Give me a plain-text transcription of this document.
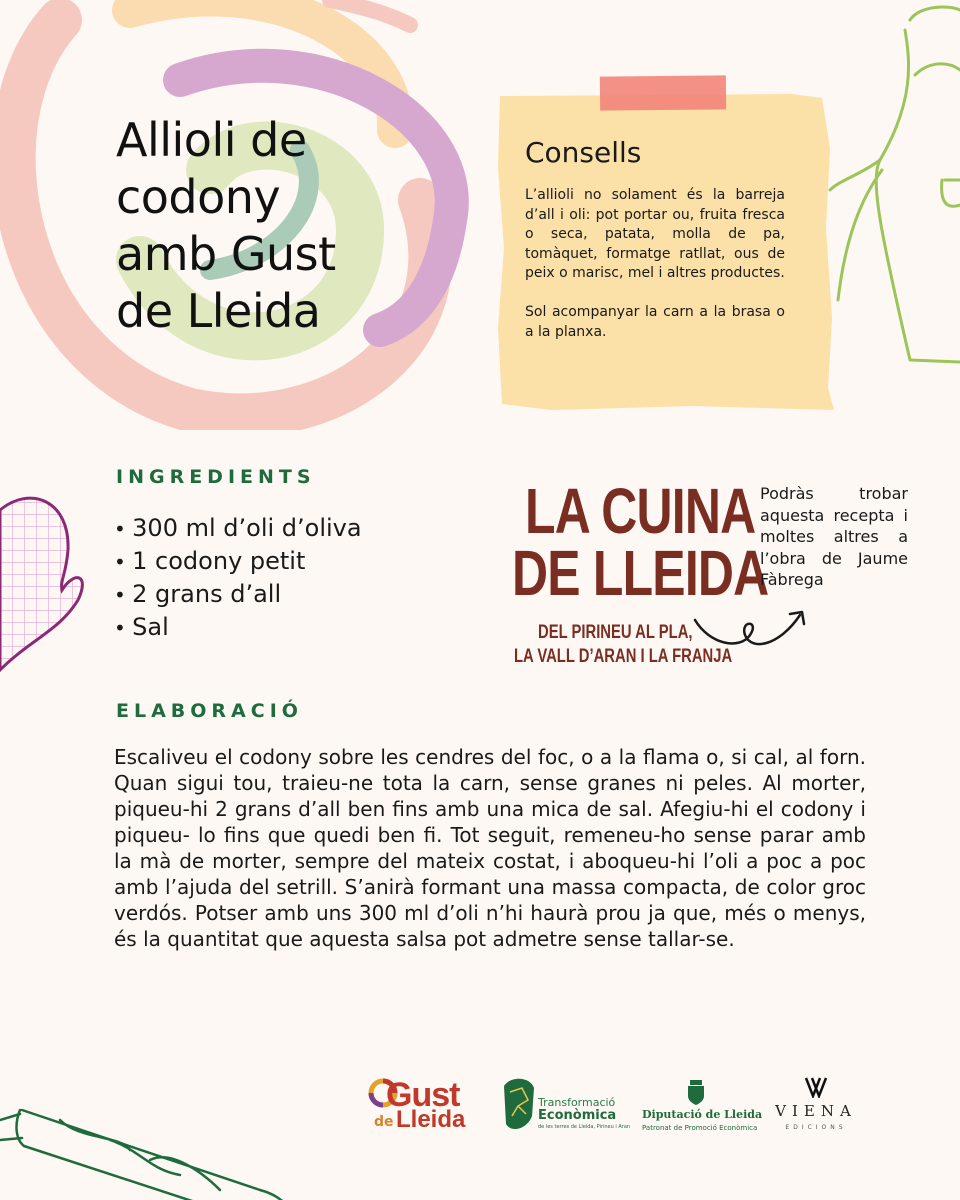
Allioli de
codony
amb Gust
de Lleida
Consells

L’allioli no solament és la barreja d’all i oli: pot portar ou, fruita fresca o seca, patata, molla de pa, tomàquet, formatge ratllat, ous de peix o marisc, mel i altres productes.

Sol acompanyar la carn a la brasa o a la planxa.

INGREDIENTS
• 300 ml d’oli d’oliva
• 1 codony petit
• 2 grans d’all
• Sal
LA CUINA
DE LLEIDA
DEL PIRINEU AL PLA,
LA VALL D’ARAN I LA FRANJA
Podràs trobar aquesta recepta i moltes altres a l’obra de Jaume Fàbrega
ELABORACIÓ
Escaliveu el codony sobre les cendres del foc, o a la flama o, si cal, al forn. Quan sigui tou, traieu-ne tota la carn, sense granes ni peles. Al morter, piqueu-hi 2 grans d’all ben fins amb una mica de sal. Afegiu-hi el codony i piqueu- lo fins que quedi ben fi. Tot seguit, remeneu-ho sense parar amb la mà de morter, sempre del mateix costat, i aboqueu-hi l’oli a poc a poc amb l’ajuda del setrill. S’anirà formant una massa compacta, de color groc verdós. Potser amb uns 300 ml d’oli n’hi haurà prou ja que, més o menys, és la quantitat que aquesta salsa pot admetre sense tallar-se.
Gust
de Lleida
Transformació
Econòmica
de les terres de Lleida, Pirineu i Aran
Diputació de Lleida
Patronat de Promoció Econòmica
VIENA
EDICIONS
